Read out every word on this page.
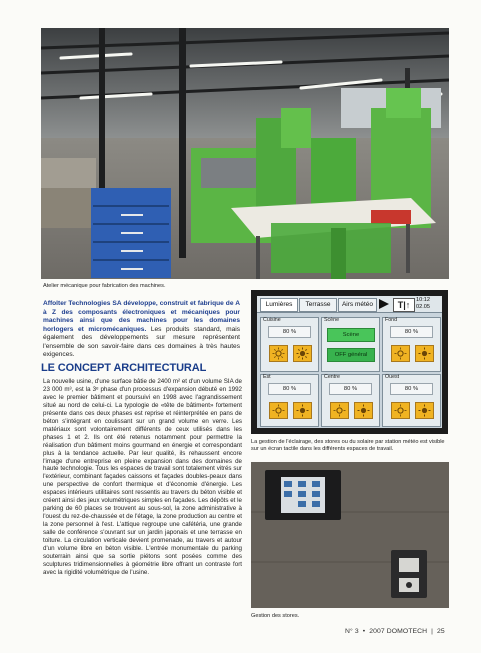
Atelier mécanique pour fabrication des machines.
Affolter Technologies SA développe, construit et fabrique de A à Z des composants électroniques et mécaniques pour machines ainsi que des machines pour les domaines horlogers et micromécaniques. Les produits standard, mais également des développements sur mesure représentent l'ensemble de son savoir-faire dans ces domaines à très hautes exigences.
LE CONCEPT ARCHITECTURAL
La nouvelle usine, d'une surface bâtie de 2400 m² et d'un volume SIA de 23 000 m³, est la 3ᵉ phase d'un processus d'expansion débuté en 1992 avec le premier bâtiment et poursuivi en 1998 avec l'agrandissement situé au nord de celui-ci. La typologie de «tête de bâtiment» fortement présente dans ces deux phases est reprise et réinterprétée en pans de béton s'intégrant en coulissant sur un grand volume en verre. Les matériaux sont volontairement différents de ceux utilisés dans les phases 1 et 2. Ils ont été retenus notamment pour permettre la réalisation d'un bâtiment moins gourmand en énergie et correspondant plus à la tendance actuelle. Par leur qualité, ils rehaussent encore l'image d'une entreprise en pleine expansion dans des domaines de haute technologie. Tous les espaces de travail sont totalement vitrés sur l'extérieur, combinant façades caissons et façades doubles-peaux dans une perspective de confort thermique et d'économie d'énergie. Les espaces intérieurs utilitaires sont ressentis au travers du béton visible et créent ainsi des jeux volumétriques simples en façades. Les dépôts et le parking de 60 places se trouvent au sous-sol, la zone administrative à l'ouest du rez-de-chaussée et de l'étage, la zone production au centre et la zone personnel à l'est. L'attique regroupe une cafétéria, une grande salle de conférence s'ouvrant sur un jardin japonais et une terrasse en toiture. La circulation verticale devient promenade, au travers et autour d'un volume libre en béton visible. L'entrée monumentale du parking souterrain ainsi que sa sortie piétons sont posées comme des sculptures tridimensionnelles à géométrie libre offrant un contraste fort avec la rigidité volumétrique de l'usine.
Lumières	Terrasse	Airs météo	T|↑	10:12
02.05
Cuisine
80 %
Scène
Scène
OFF général
Fond
80 %
Est
80 %
Centre
80 %
Ouest
80 %
La gestion de l'éclairage, des stores ou du solaire par station météo est visible sur un écran tactile dans les différents espaces de travail.
Gestion des stores.
N° 3 • 2007 DOMOTECH | 25
